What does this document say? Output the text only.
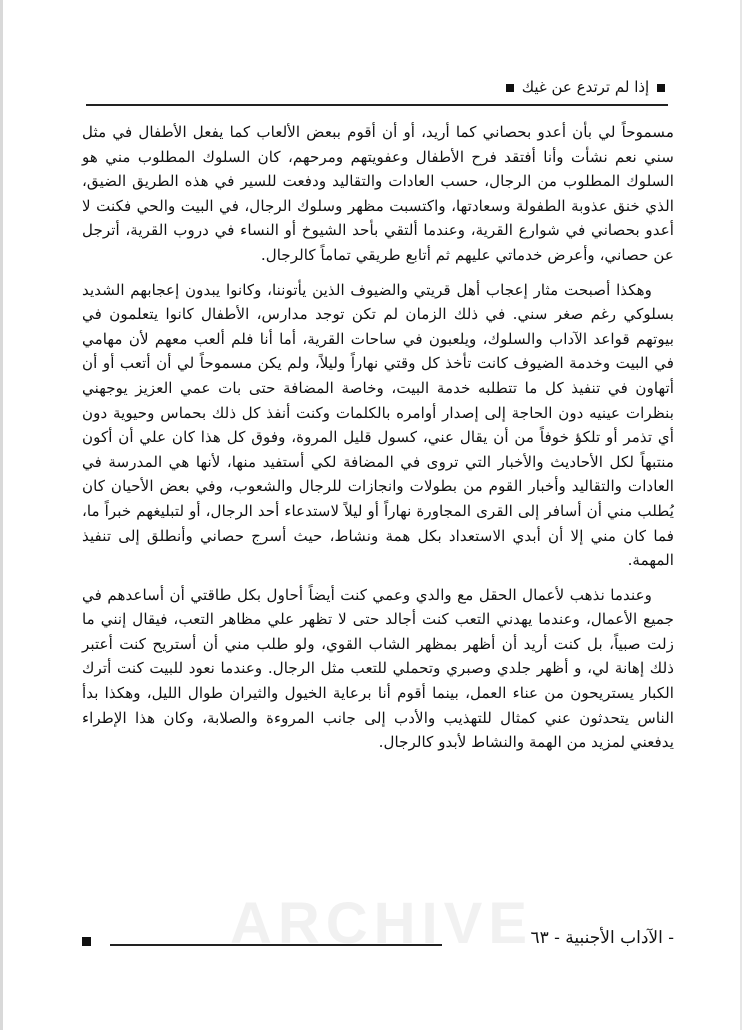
إذا لم ترتدع عن غيك

مسموحاً لي بأن أعدو بحصاني كما أريد، أو أن أقوم ببعض الألعاب كما يفعل الأطفال في مثل سني نعم نشأت وأنا أفتقد فرح الأطفال وعفويتهم ومرحهم، كان السلوك المطلوب مني هو السلوك المطلوب من الرجال، حسب العادات والتقاليد ودفعت للسير في هذه الطريق الضيق، الذي خنق عذوبة الطفولة وسعادتها، واكتسبت مظهر وسلوك الرجال، في البيت والحي فكنت لا أعدو بحصاني في شوارع القرية، وعندما ألتقي بأحد الشيوخ أو النساء في دروب القرية، أترجل عن حصاني، وأعرض خدماتي عليهم ثم أتابع طريقي تماماً كالرجال.

وهكذا أصبحت مثار إعجاب أهل قريتي والضيوف الذين يأتوننا، وكانوا يبدون إعجابهم الشديد بسلوكي رغم صغر سني. في ذلك الزمان لم تكن توجد مدارس، الأطفال كانوا يتعلمون في بيوتهم قواعد الآداب والسلوك، ويلعبون في ساحات القرية، أما أنا فلم ألعب معهم لأن مهامي في البيت وخدمة الضيوف كانت تأخذ كل وقتي نهاراً وليلاً، ولم يكن مسموحاً لي أن أتعب أو أن أتهاون في تنفيذ كل ما تتطلبه خدمة البيت، وخاصة المضافة حتى بات عمي العزيز يوجهني بنظرات عينيه دون الحاجة إلى إصدار أوامره بالكلمات وكنت أنفذ كل ذلك بحماس وحيوية دون أي تذمر أو تلكؤ خوفاً من أن يقال عني، كسول قليل المروة، وفوق كل هذا كان علي أن أكون منتبهاً لكل الأحاديث والأخبار التي تروى في المضافة لكي أستفيد منها، لأنها هي المدرسة في العادات والتقاليد وأخبار القوم من بطولات وانجازات للرجال والشعوب، وفي بعض الأحيان كان يُطلب مني أن أسافر إلى القرى المجاورة نهاراً أو ليلاً لاستدعاء أحد الرجال، أو لتبليغهم خبراً ما، فما كان مني إلا أن أبدي الاستعداد بكل همة ونشاط، حيث أسرج حصاني وأنطلق إلى تنفيذ المهمة.

وعندما نذهب لأعمال الحقل مع والدي وعمي كنت أيضاً أحاول بكل طاقتي أن أساعدهم في جميع الأعمال، وعندما يهدني التعب كنت أجالد حتى لا تظهر علي مظاهر التعب، فيقال إنني ما زلت صبياً، بل كنت أريد أن أظهر بمظهر الشاب القوي، ولو طلب مني أن أستريح كنت أعتبر ذلك إهانة لي، و أظهر جلدي وصبري وتحملي للتعب مثل الرجال. وعندما نعود للبيت كنت أترك الكبار يستريحون من عناء العمل، بينما أقوم أنا برعاية الخيول والثيران طوال الليل، وهكذا بدأ الناس يتحدثون عني كمثال للتهذيب والأدب إلى جانب المروءة والصلابة، وكان هذا الإطراء يدفعني لمزيد من الهمة والنشاط لأبدو كالرجال.

ARCHIVE	- الآداب الأجنبية - ٦٣
